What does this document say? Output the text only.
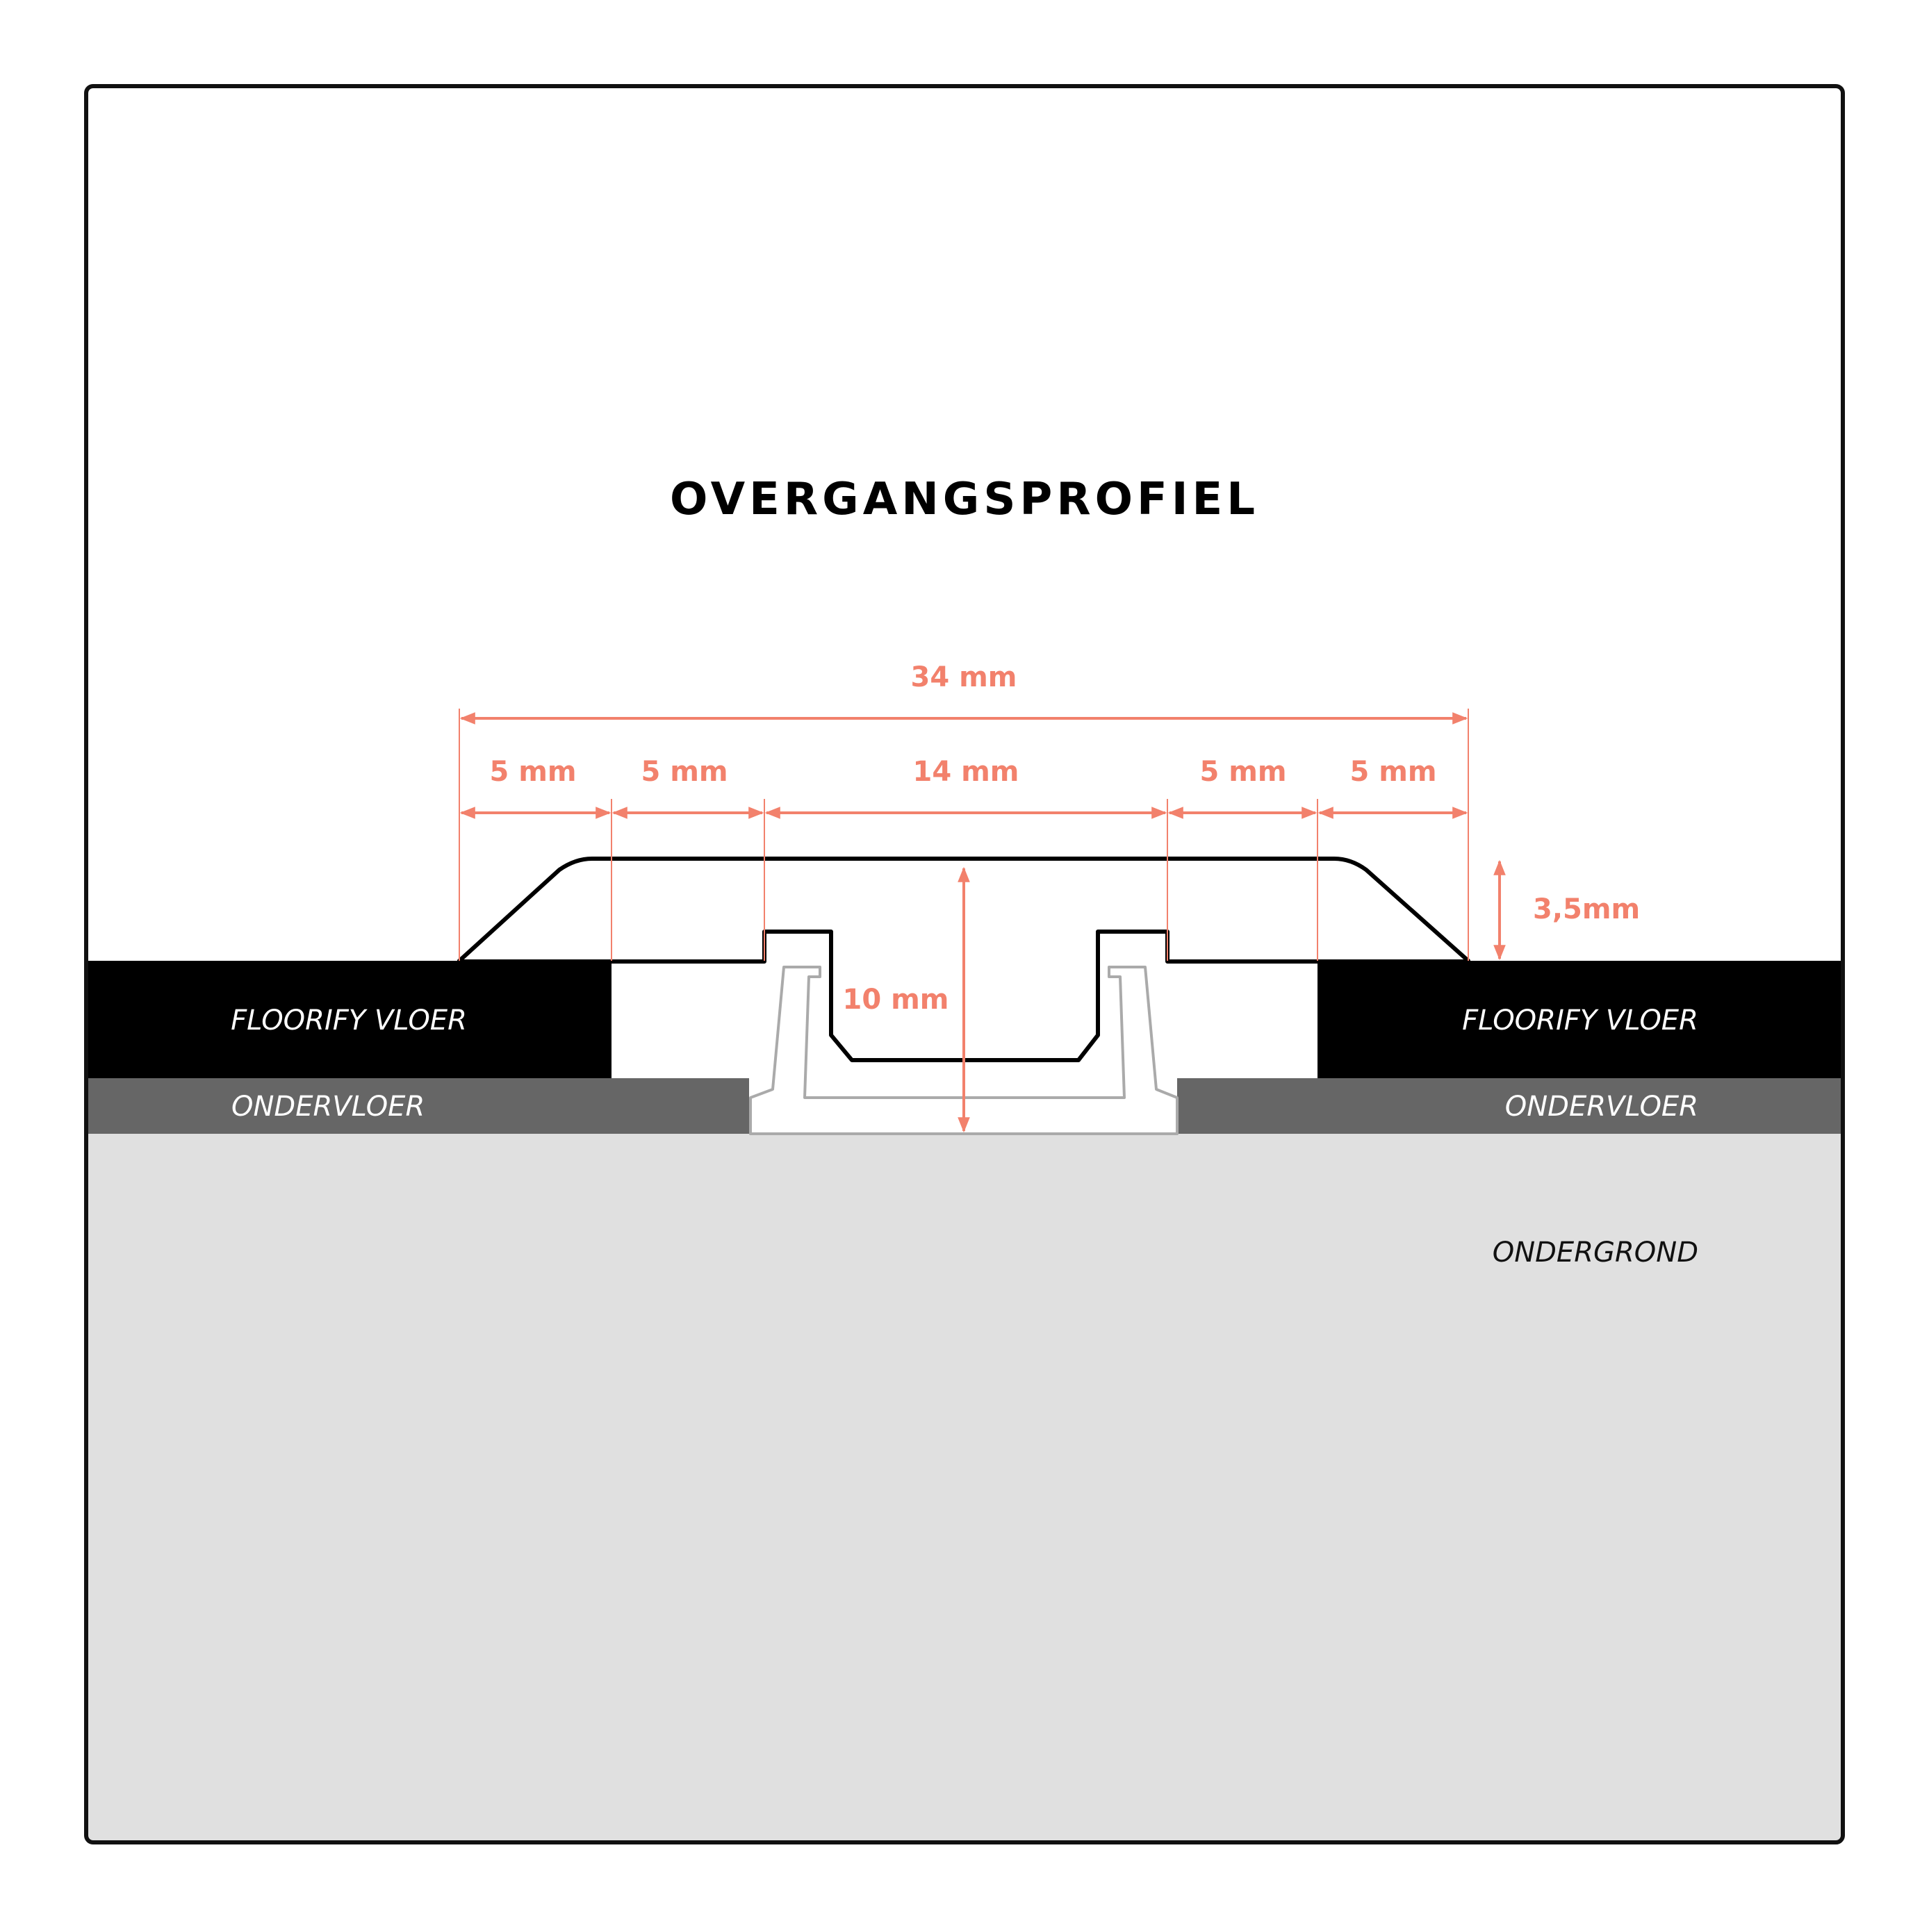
OVERGANGSPROFIEL
34 mm
5 mm 5 mm	14 mm	5 mm 5 mm
3,5mm
10 mm
FLOORIFY VLOER	FLOORIFY VLOER
ONDERVLOER	ONDERVLOER
ONDERGROND
